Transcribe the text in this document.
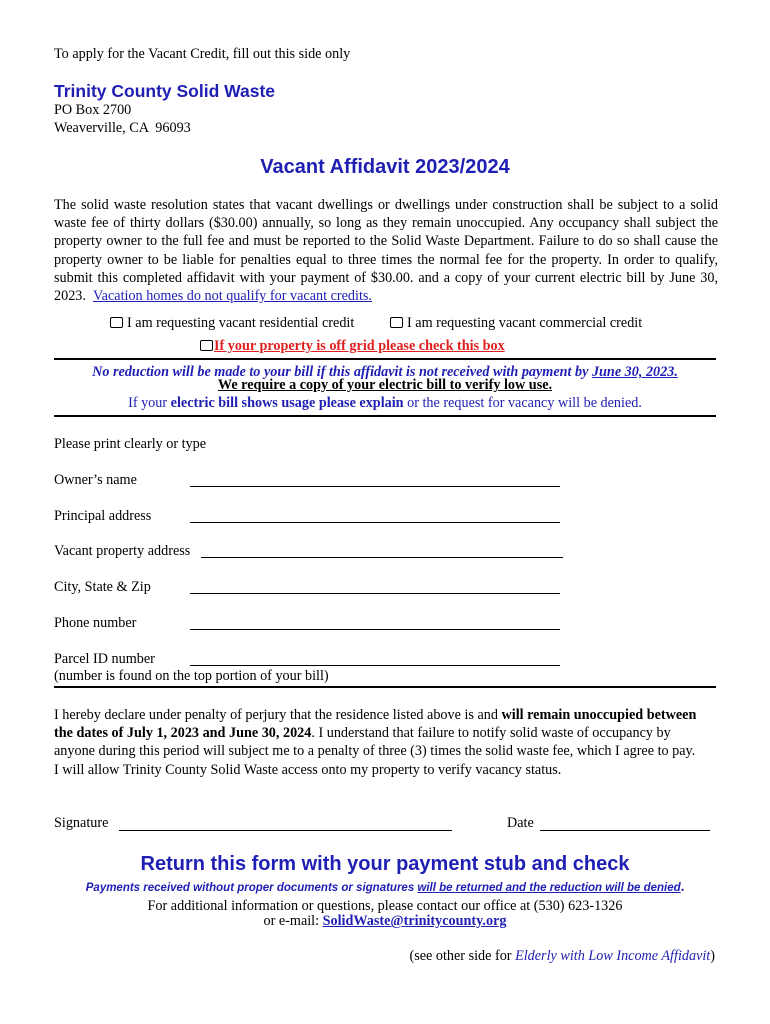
To apply for the Vacant Credit, fill out this side only
Trinity County Solid Waste
PO Box 2700
Weaverville, CA  96093
Vacant Affidavit 2023/2024
The solid waste resolution states that vacant dwellings or dwellings under construction shall be subject to a solid waste fee of thirty dollars ($30.00) annually, so long as they remain unoccupied. Any occupancy shall subject the property owner to the full fee and must be reported to the Solid Waste Department. Failure to do so shall cause the property owner to be liable for penalties equal to three times the normal fee for the property. In order to qualify, submit this completed affidavit with your payment of $30.00. and a copy of your current electric bill by June 30, 2023. Vacation homes do not qualify for vacant credits.
I am requesting vacant residential credit	I am requesting vacant commercial credit
If your property is off grid please check this box
No reduction will be made to your bill if this affidavit is not received with payment by June 30, 2023.
We require a copy of your electric bill to verify low use.
If your electric bill shows usage please explain or the request for vacancy will be denied.
Please print clearly or type
Owner’s name
Principal address
Vacant property address
City, State & Zip
Phone number
Parcel ID number
(number is found on the top portion of your bill)
I hereby declare under penalty of perjury that the residence listed above is and will remain unoccupied between the dates of July 1, 2023 and June 30, 2024. I understand that failure to notify solid waste of occupancy by anyone during this period will subject me to a penalty of three (3) times the solid waste fee, which I agree to pay. I will allow Trinity County Solid Waste access onto my property to verify vacancy status.
Signature	Date
Return this form with your payment stub and check
Payments received without proper documents or signatures will be returned and the reduction will be denied. For additional information or questions, please contact our office at (530) 623-1326
or e-mail: SolidWaste@trinitycounty.org
(see other side for Elderly with Low Income Affidavit)
